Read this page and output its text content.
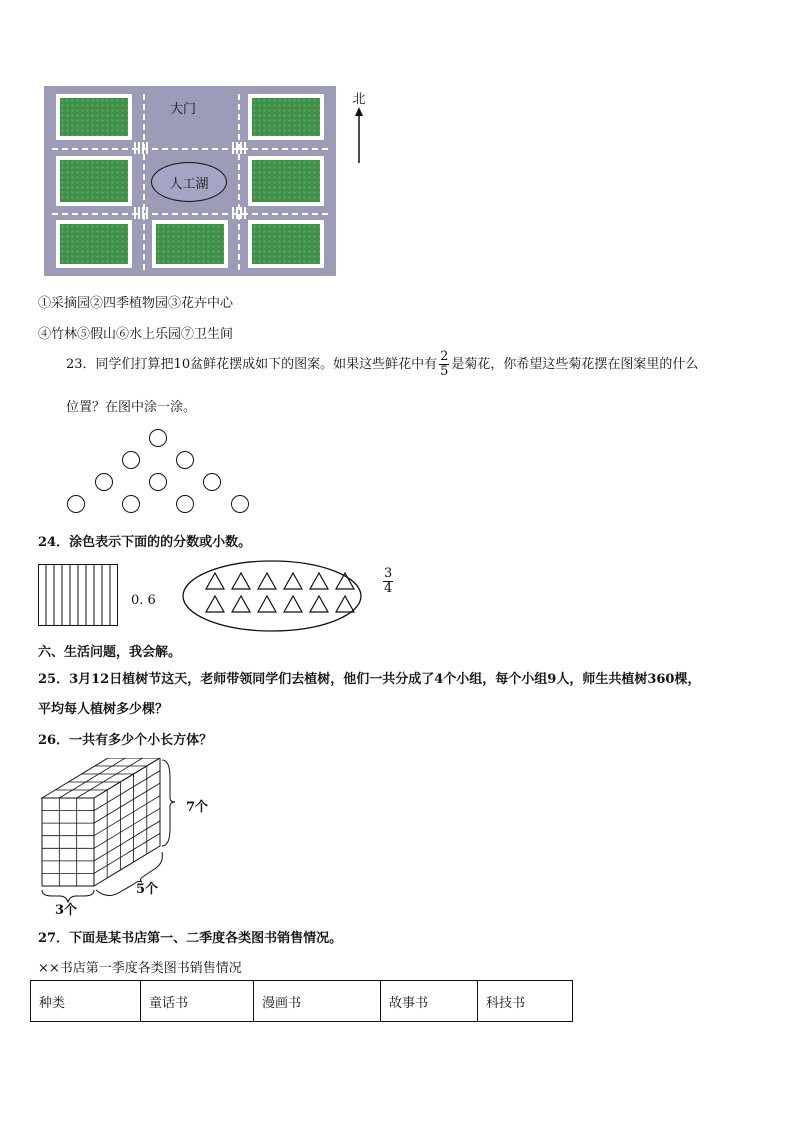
大门
人工湖
北
①采摘园②四季植物园③花卉中心
④竹林⑤假山⑥水上乐园⑦卫生间
23．同学们打算把10盆鲜花摆成如下的图案。如果这些鲜花中有 $\frac{2}{5}$ 是菊花，你希望这些菊花摆在图案里的什么
位置？在图中涂一涂。
24．涂色表示下面的的分数或小数。
0. 6
$\frac{3}{4}$
六、生活问题，我会解。
25．3月12日植树节这天，老师带领同学们去植树，他们一共分成了4个小组，每个小组9人，师生共植树360棵，
平均每人植树多少棵？
26．一共有多少个小长方体？
7个
5个
3个
27．下面是某书店第一、二季度各类图书销售情况。
××书店第一季度各类图书销售情况
种类	童话书	漫画书	故事书	科技书
